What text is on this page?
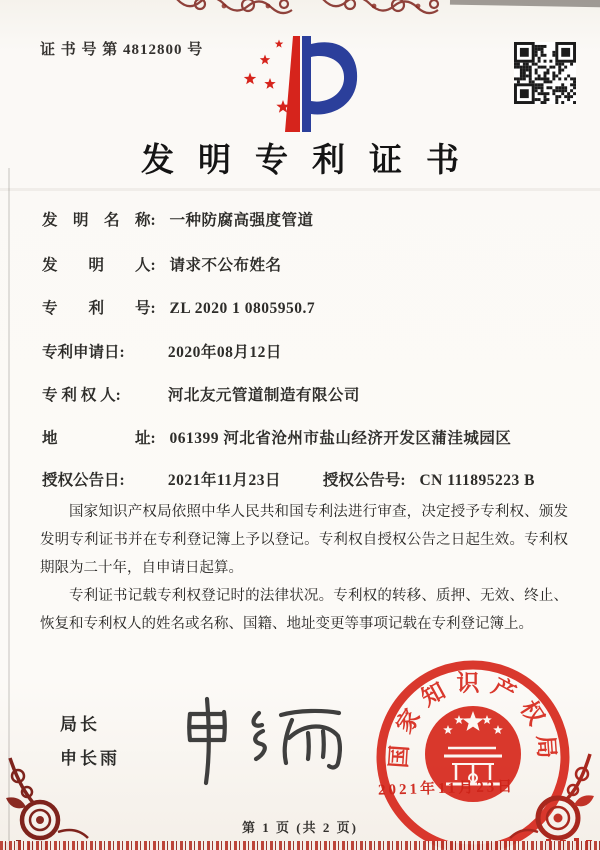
证 书 号 第 4812800 号
发明专利证书
发　明　名　称: 一种防腐高强度管道
发　　明　　人: 请求不公布姓名
专　　利　　号: ZL 2020 1 0805950.7
专利申请日:	2020年08月12日
专 利 权 人:	河北友元管道制造有限公司
地　　　　　址: 061399 河北省沧州市盐山经济开发区蒲洼城园区
授权公告日:	2021年11月23日	授权公告号: CN 111895223 B

国家知识产权局依照中华人民共和国专利法进行审查，决定授予专利权、颁发发明专利证书并在专利登记簿上予以登记。专利权自授权公告之日起生效。专利权期限为二十年，自申请日起算。

专利证书记载专利权登记时的法律状况。专利权的转移、质押、无效、终止、恢复和专利权人的姓名或名称、国籍、地址变更等事项记载在专利登记簿上。

局长
申长雨	国家知识产权局
2021年11月23日
第 1 页 (共 2 页)
